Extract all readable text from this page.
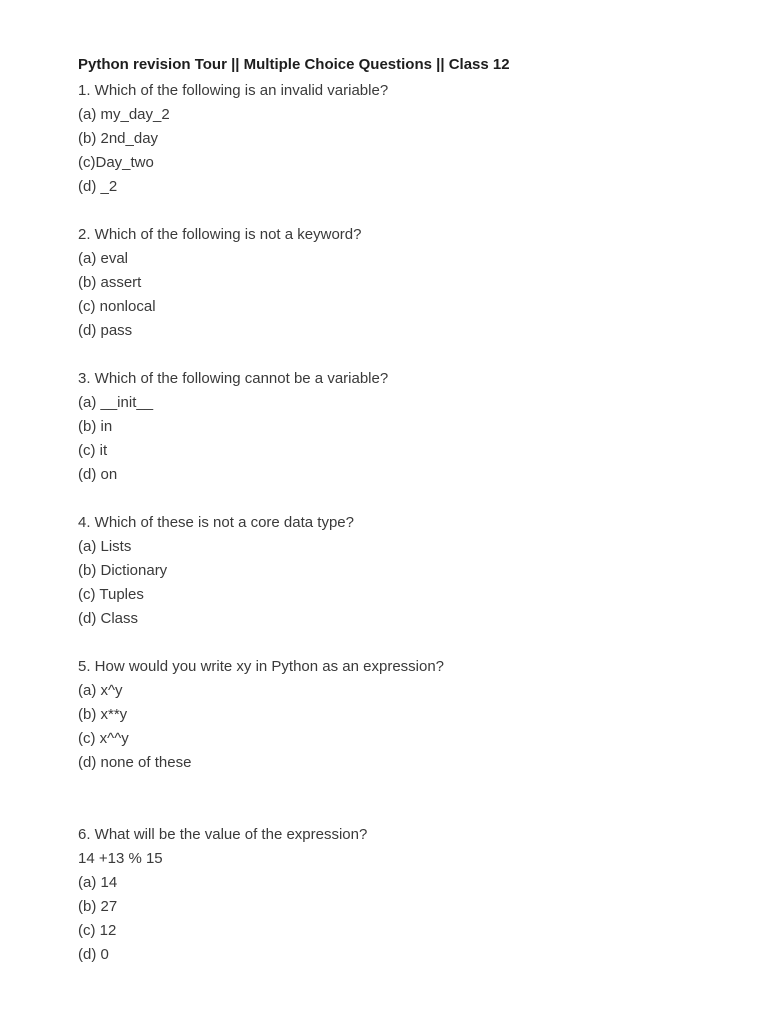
Python revision Tour || Multiple Choice Questions || Class 12
1. Which of the following is an invalid variable?
(a) my_day_2
(b) 2nd_day
(c)Day_two
(d) _2
2. Which of the following is not a keyword?
(a) eval
(b) assert
(c) nonlocal
(d) pass
3. Which of the following cannot be a variable?
(a) __init__
(b) in
(c) it
(d) on
4. Which of these is not a core data type?
(a) Lists
(b) Dictionary
(c) Tuples
(d) Class
5. How would you write xy in Python as an expression?
(a) x^y
(b) x**y
(c) x^^y
(d) none of these
6. What will be the value of the expression?
14 +13 % 15
(a) 14
(b) 27
(c) 12
(d) 0
